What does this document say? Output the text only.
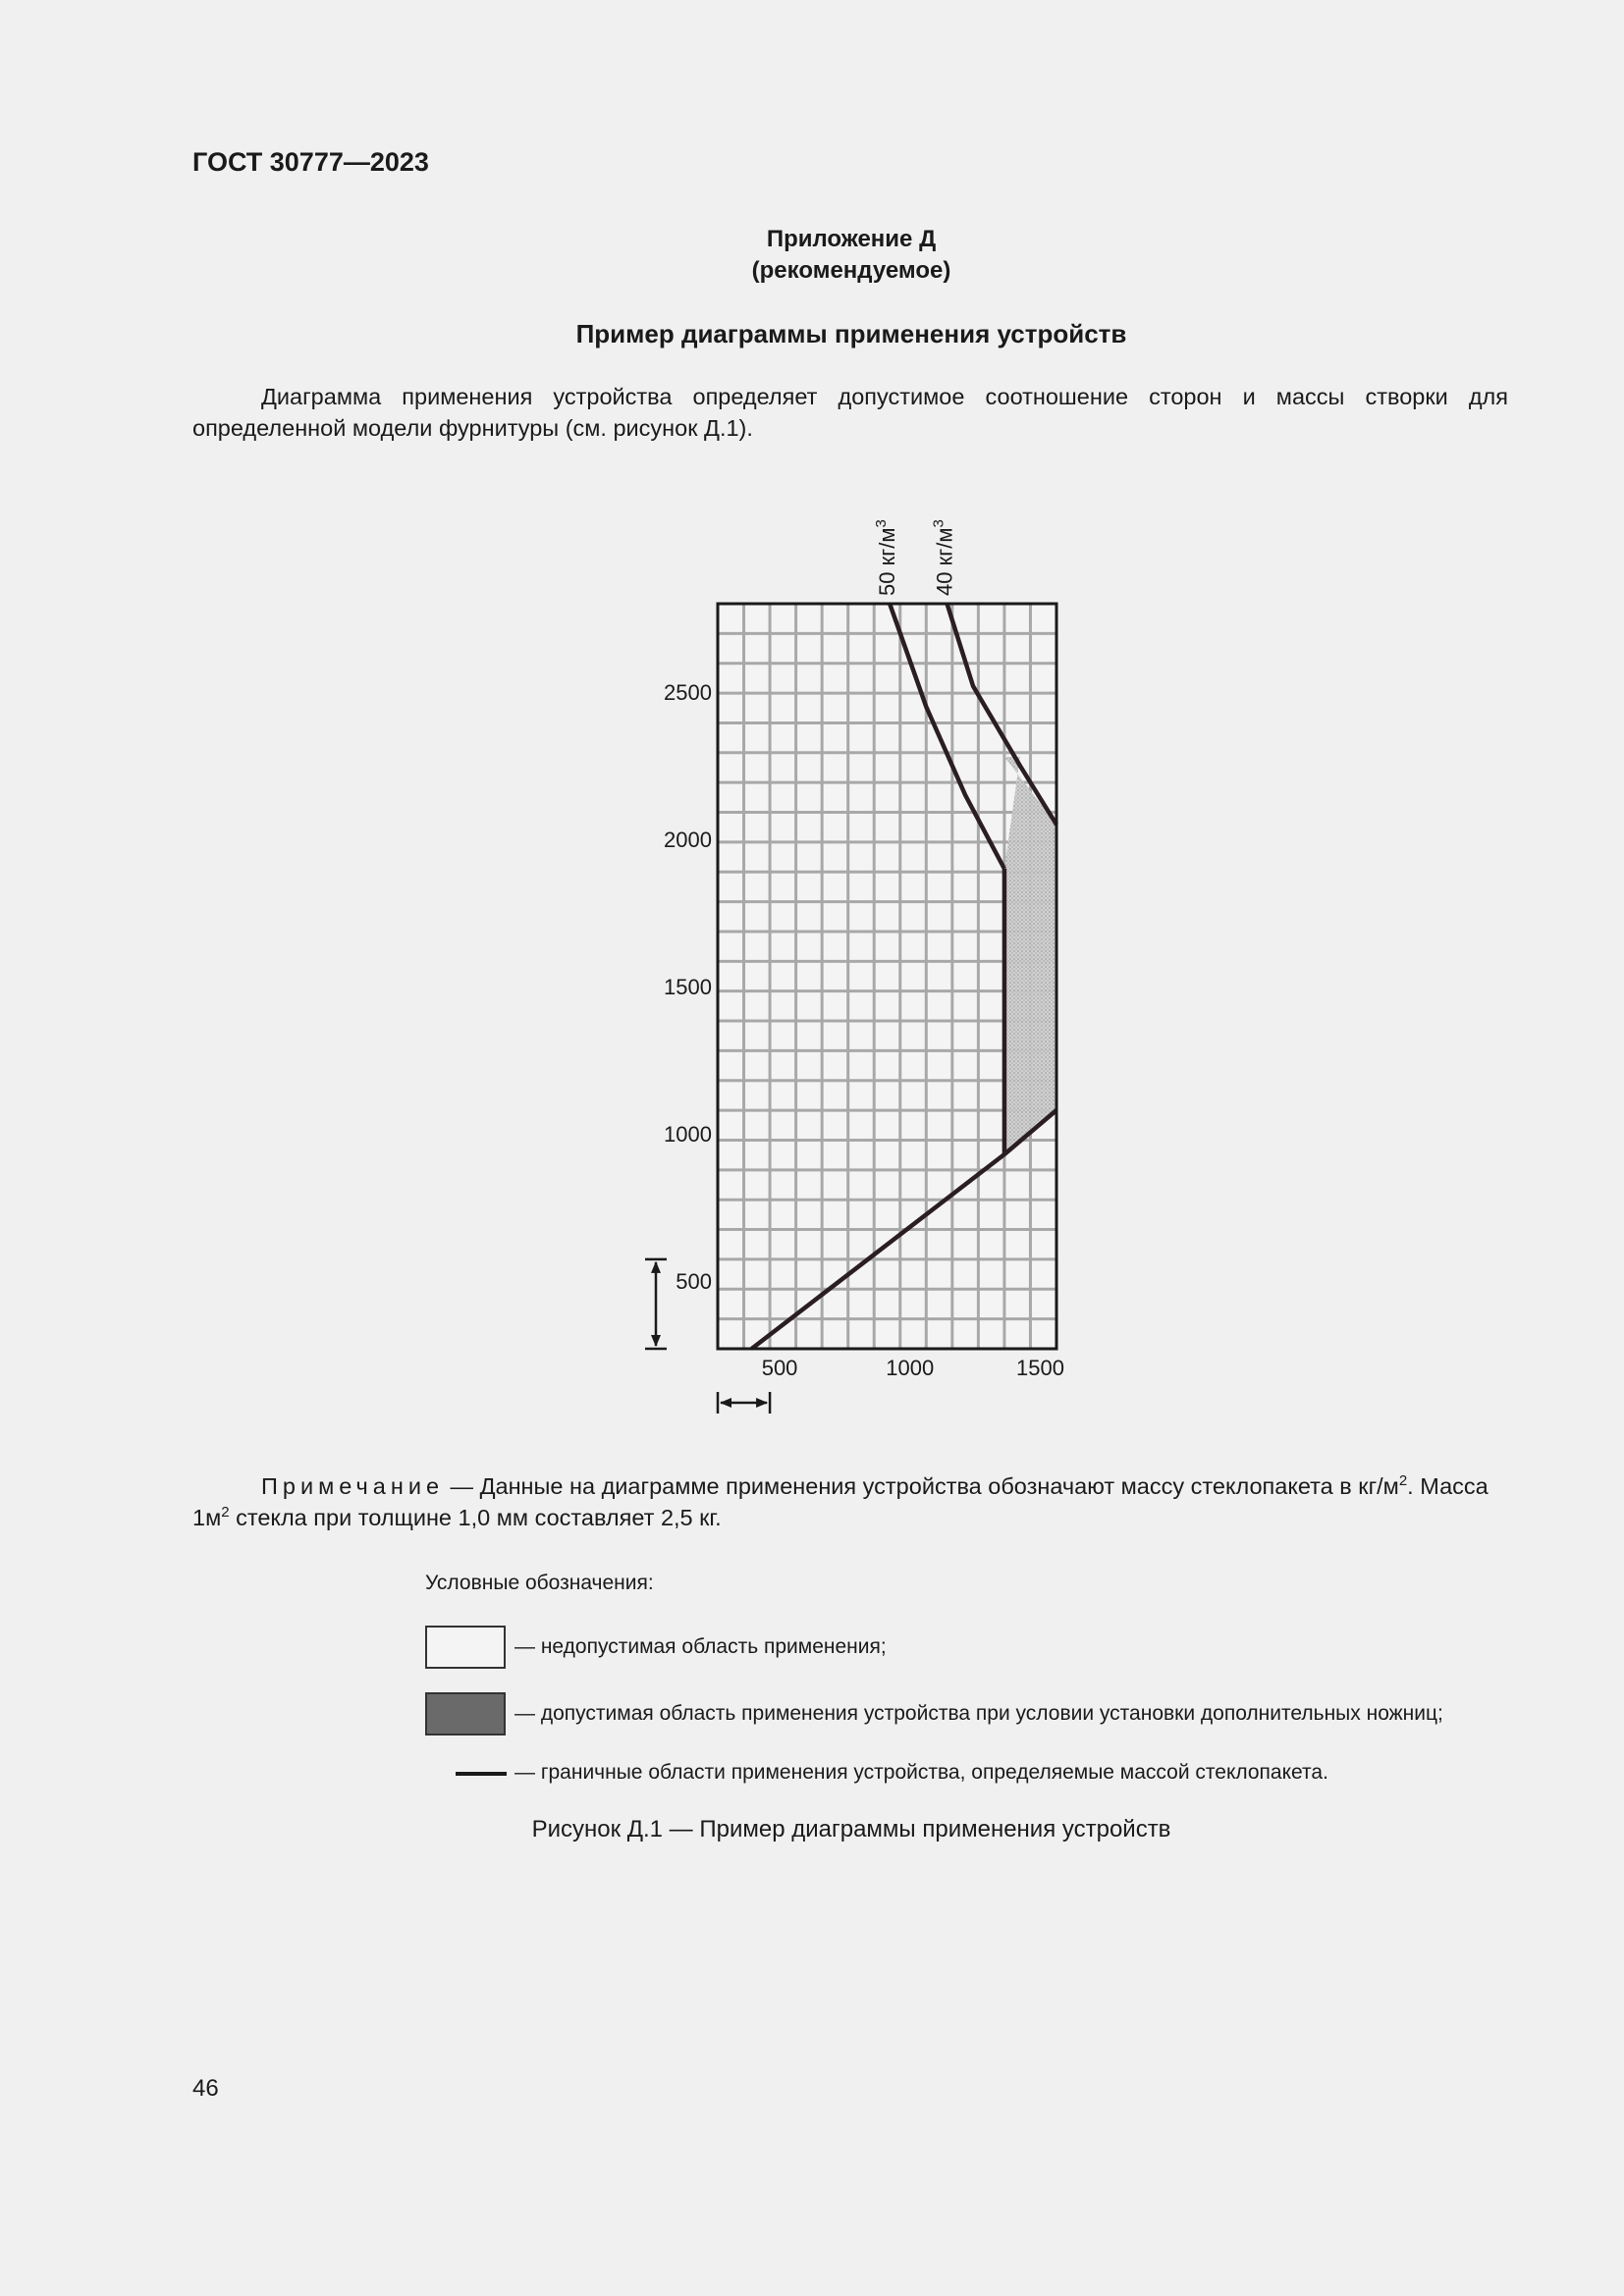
ГОСТ 30777—2023
Приложение Д
(рекомендуемое)
Пример диаграммы применения устройств
Диаграмма применения устройства определяет допустимое соотношение сторон и массы створки для определенной модели фурнитуры (см. рисунок Д.1).
500
1000
1500
2000
2500
500	1000	1500
50 $кг/м^3$
40 $кг/м^3$
Примечание — Данные на диаграмме применения устройства обозначают массу стеклопакета в $кг/м^2$. Масса $1м^2$ стекла при толщине 1,0 мм составляет 2,5 кг.
Условные обозначения:
— недопустимая область применения;
— допустимая область применения устройства при условии установки дополнительных ножниц;
— граничные области применения устройства, определяемые массой стеклопакета.
Рисунок Д.1 — Пример диаграммы применения устройств
46
